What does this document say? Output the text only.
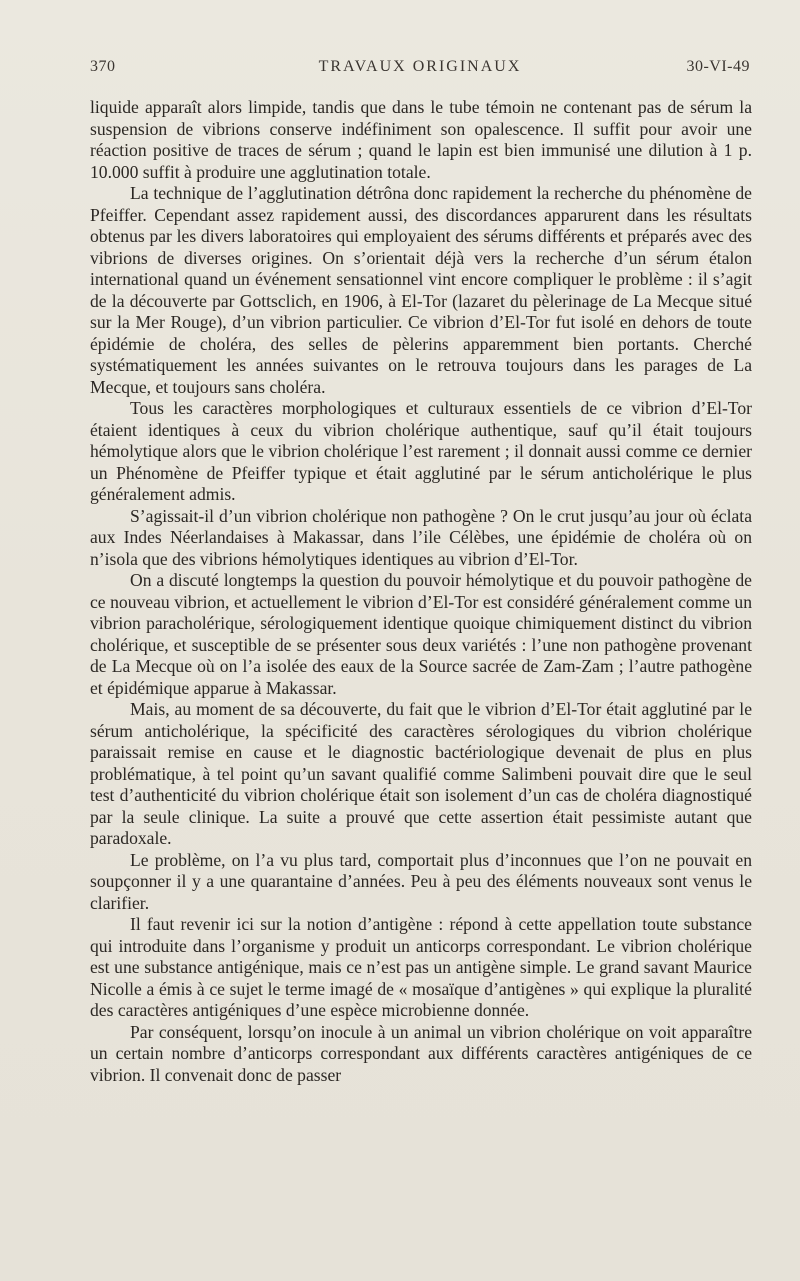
370	TRAVAUX ORIGINAUX	30-VI-49

liquide apparaît alors limpide, tandis que dans le tube témoin ne contenant pas de sérum la suspension de vibrions conserve indéfiniment son opalescence. Il suffit pour avoir une réaction positive de traces de sérum ; quand le lapin est bien immunisé une dilution à 1 p. 10.000 suffit à produire une agglutination totale.

La technique de l’agglutination détrôna donc rapidement la recherche du phénomène de Pfeiffer. Cependant assez rapidement aussi, des discordances apparurent dans les résultats obtenus par les divers laboratoires qui employaient des sérums différents et préparés avec des vibrions de diverses origines. On s’orientait déjà vers la recherche d’un sérum étalon international quand un événement sensationnel vint encore compliquer le problème : il s’agit de la découverte par Gottsclich, en 1906, à El-Tor (lazaret du pèlerinage de La Mecque situé sur la Mer Rouge), d’un vibrion particulier. Ce vibrion d’El-Tor fut isolé en dehors de toute épidémie de choléra, des selles de pèlerins apparemment bien portants. Cherché systématiquement les années suivantes on le retrouva toujours dans les parages de La Mecque, et toujours sans choléra.

Tous les caractères morphologiques et culturaux essentiels de ce vibrion d’El-Tor étaient identiques à ceux du vibrion cholérique authentique, sauf qu’il était toujours hémolytique alors que le vibrion cholérique l’est rarement ; il donnait aussi comme ce dernier un Phénomène de Pfeiffer typique et était agglutiné par le sérum anticholérique le plus généralement admis.

S’agissait-il d’un vibrion cholérique non pathogène ? On le crut jusqu’au jour où éclata aux Indes Néerlandaises à Makassar, dans l’ile Célèbes, une épidémie de choléra où on n’isola que des vibrions hémolytiques identiques au vibrion d’El-Tor.

On a discuté longtemps la question du pouvoir hémolytique et du pouvoir pathogène de ce nouveau vibrion, et actuellement le vibrion d’El-Tor est considéré généralement comme un vibrion paracholérique, sérologiquement identique quoique chimiquement distinct du vibrion cholérique, et susceptible de se présenter sous deux variétés : l’une non pathogène provenant de La Mecque où on l’a isolée des eaux de la Source sacrée de Zam-Zam ; l’autre pathogène et épidémique apparue à Makassar.

Mais, au moment de sa découverte, du fait que le vibrion d’El-Tor était agglutiné par le sérum anticholérique, la spécificité des caractères sérologiques du vibrion cholérique paraissait remise en cause et le diagnostic bactériologique devenait de plus en plus problématique, à tel point qu’un savant qualifié comme Salimbeni pouvait dire que le seul test d’authenticité du vibrion cholérique était son isolement d’un cas de choléra diagnostiqué par la seule clinique. La suite a prouvé que cette assertion était pessimiste autant que paradoxale.

Le problème, on l’a vu plus tard, comportait plus d’inconnues que l’on ne pouvait en soupçonner il y a une quarantaine d’années. Peu à peu des éléments nouveaux sont venus le clarifier.

Il faut revenir ici sur la notion d’antigène : répond à cette appellation toute substance qui introduite dans l’organisme y produit un anticorps correspondant. Le vibrion cholérique est une substance antigénique, mais ce n’est pas un antigène simple. Le grand savant Maurice Nicolle a émis à ce sujet le terme imagé de « mosaïque d’antigènes » qui explique la pluralité des caractères antigéniques d’une espèce microbienne donnée.

Par conséquent, lorsqu’on inocule à un animal un vibrion cholérique on voit apparaître un certain nombre d’anticorps correspondant aux différents caractères antigéniques de ce vibrion. Il convenait donc de passer
